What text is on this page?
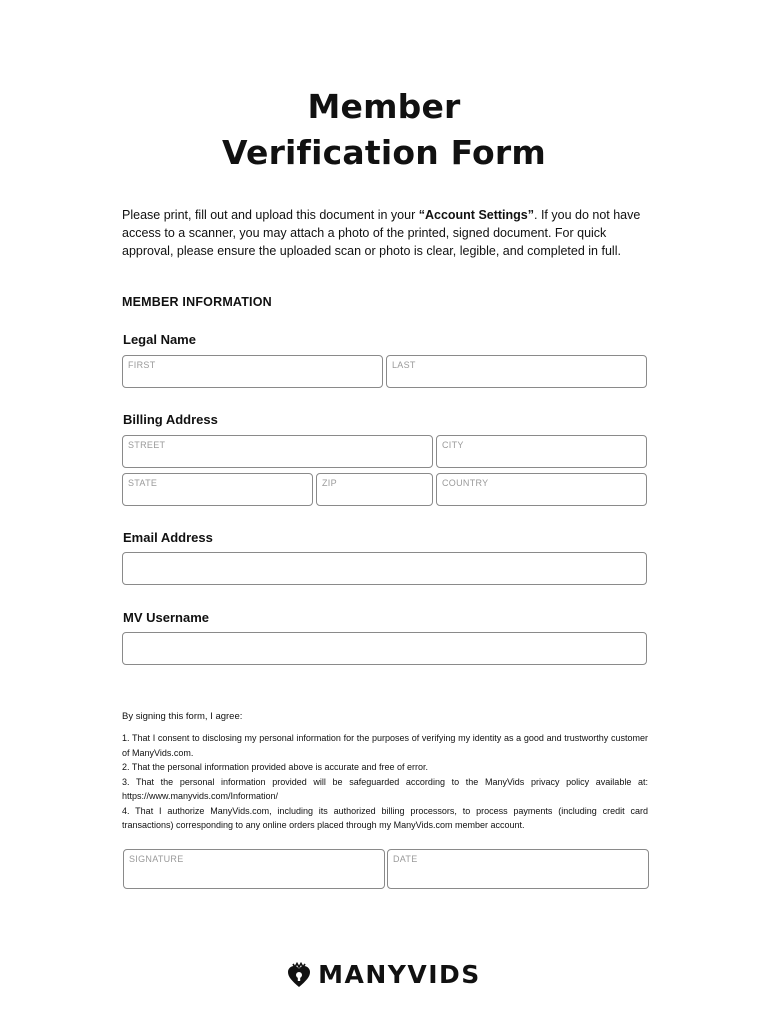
Member
Verification Form
Please print, fill out and upload this document in your “Account Settings”. If you do not have access to a scanner, you may attach a photo of the printed, signed document. For quick approval, please ensure the uploaded scan or photo is clear, legible, and completed in full.
MEMBER INFORMATION
Legal Name
FIRST	LAST
Billing Address
STREET	CITY
STATE	ZIP	COUNTRY
Email Address
MV Username
By signing this form, I agree:
1. That I consent to disclosing my personal information for the purposes of verifying my identity as a good and trustworthy customer of ManyVids.com.
2. That the personal information provided above is accurate and free of error.
3. That the personal information provided will be safeguarded according to the ManyVids privacy policy available at: https://www.manyvids.com/Information/
4. That I authorize ManyVids.com, including its authorized billing processors, to process payments (including credit card transactions) corresponding to any online orders placed through my ManyVids.com member account.
SIGNATURE	DATE
MANYVIDS
